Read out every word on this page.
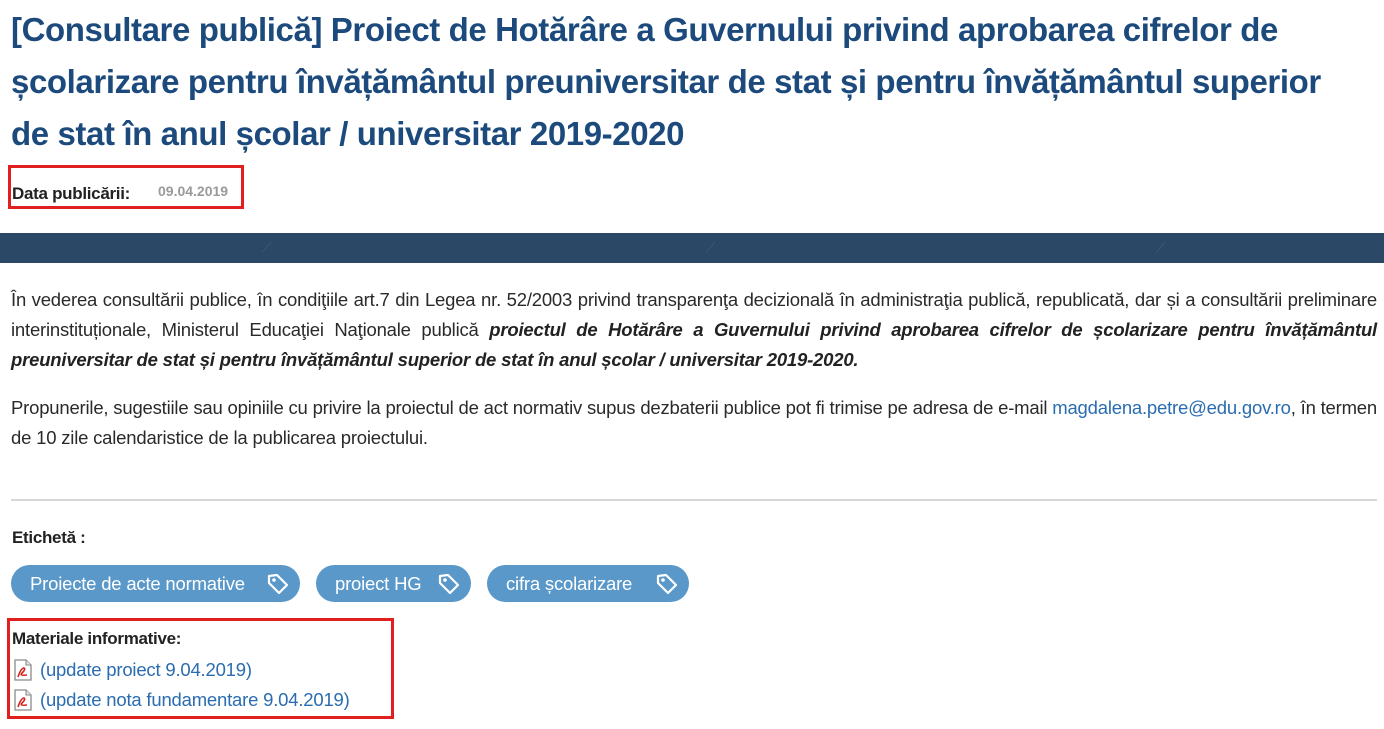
[Consultare publică] Proiect de Hotărâre a Guvernului privind aprobarea cifrelor de școlarizare pentru învățământul preuniversitar de stat și pentru învățământul superior de stat în anul școlar / universitar 2019-2020
Data publicării: 09.04.2019
⟋	⟋	⟋

În vederea consultării publice, în condiţiile art.7 din Legea nr. 52/2003 privind transparenţa decizională în administraţia publică, republicată, dar și a consultării preliminare interinstituționale, Ministerul Educaţiei Naţionale publică proiectul de Hotărâre a Guvernului privind aprobarea cifrelor de școlarizare pentru învățământul preuniversitar de stat și pentru învățământul superior de stat în anul școlar / universitar 2019-2020.

Propunerile, sugestiile sau opiniile cu privire la proiectul de act normativ supus dezbaterii publice pot fi trimise pe adresa de e-mail magdalena.petre@edu.gov.ro, în termen de 10 zile calendaristice de la publicarea proiectului.

Etichetă :
Proiecte de acte normative	proiect HG	cifra școlarizare
Materiale informative:
(update proiect 9.04.2019)
(update nota fundamentare 9.04.2019)
